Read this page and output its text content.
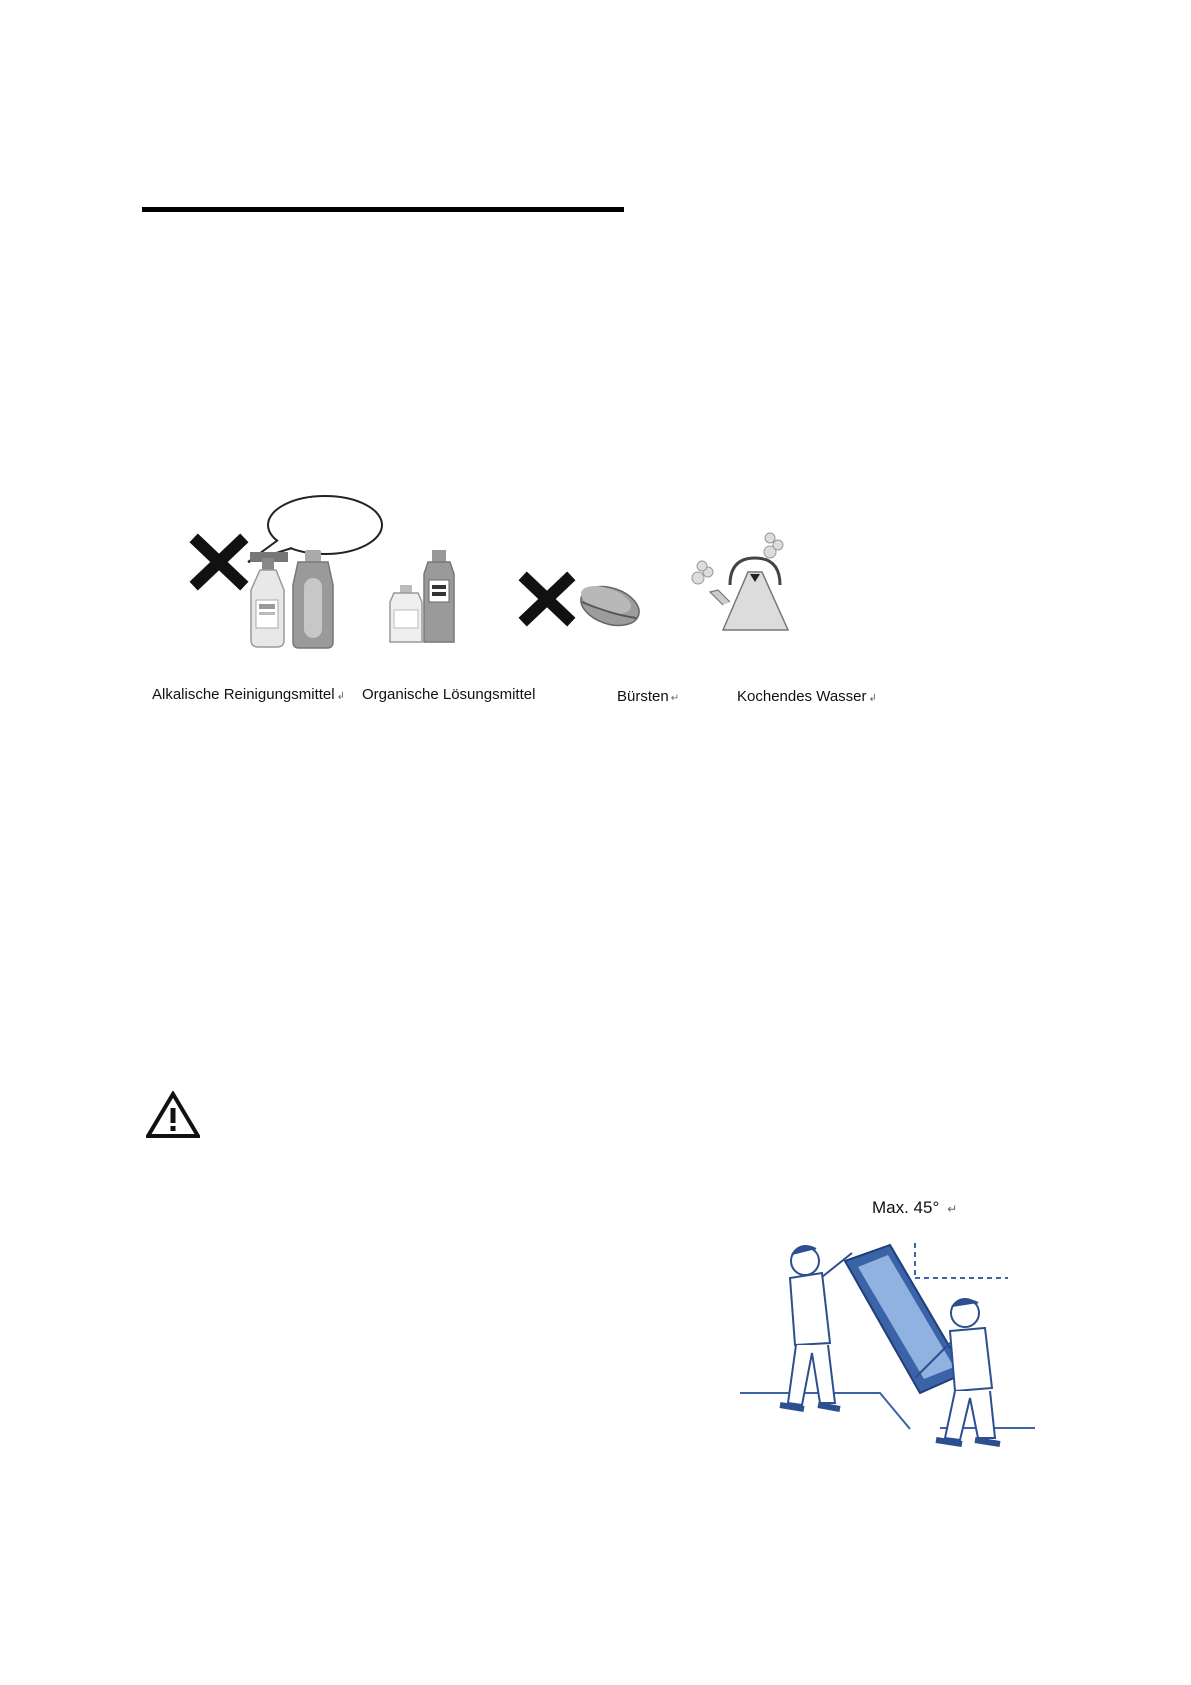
Alkalische Reinigungsmittel ↲ Organische Lösungsmittel	Bürsten ↵	Kochendes Wasser ↲
Max. 45° ↵
